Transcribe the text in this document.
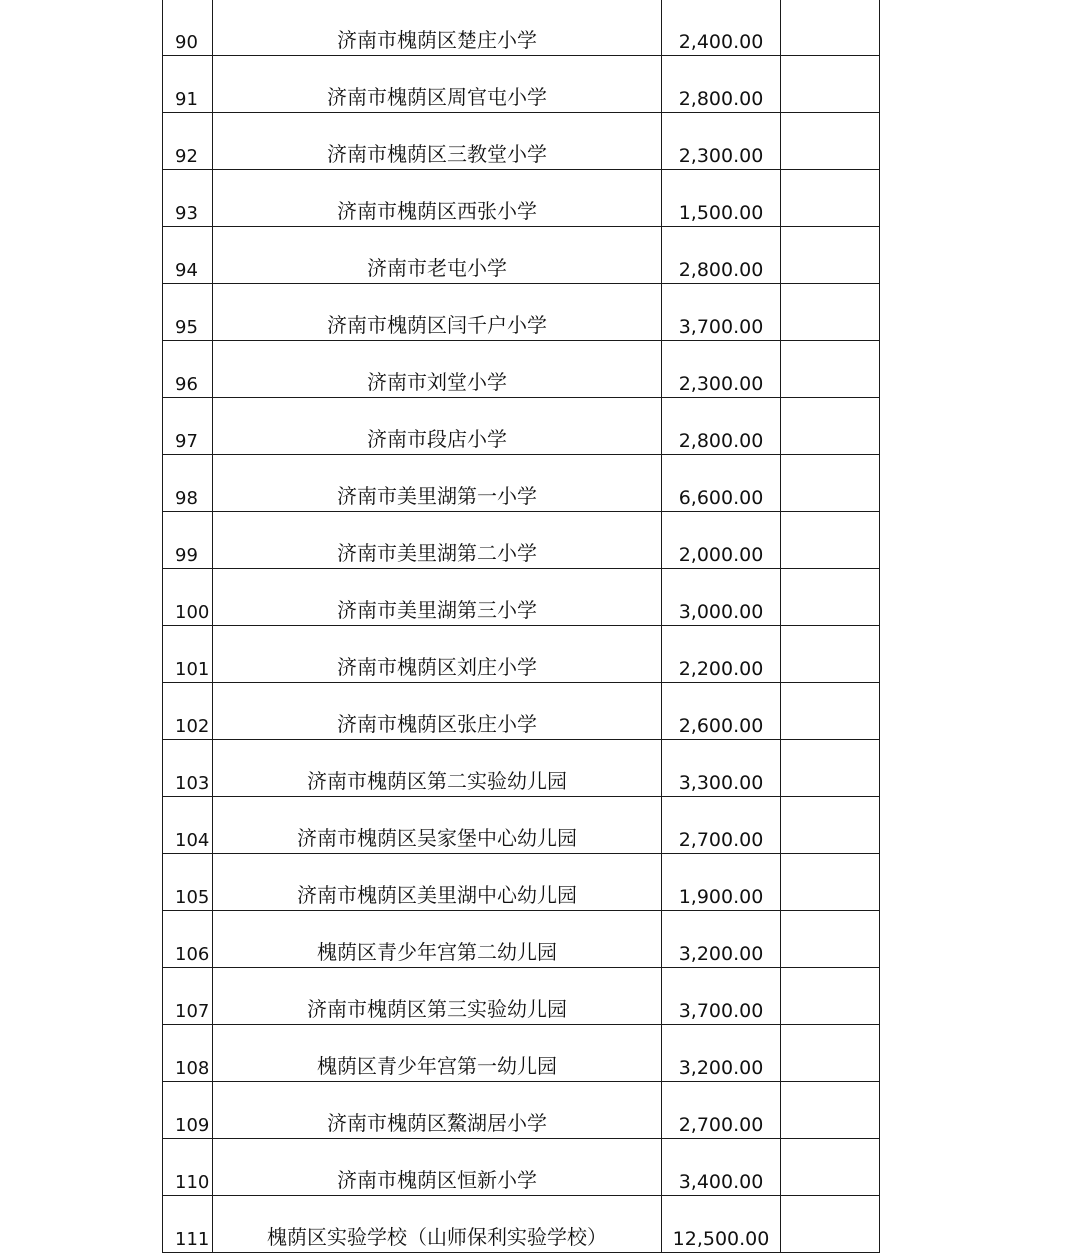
90	济南市槐荫区楚庄小学	2,400.00	
91	济南市槐荫区周官屯小学	2,800.00	
92	济南市槐荫区三教堂小学	2,300.00	
93	济南市槐荫区西张小学	1,500.00	
94	济南市老屯小学	2,800.00	
95	济南市槐荫区闫千户小学	3,700.00	
96	济南市刘堂小学	2,300.00	
97	济南市段店小学	2,800.00	
98	济南市美里湖第一小学	6,600.00	
99	济南市美里湖第二小学	2,000.00	
100	济南市美里湖第三小学	3,000.00	
101	济南市槐荫区刘庄小学	2,200.00	
102	济南市槐荫区张庄小学	2,600.00	
103	济南市槐荫区第二实验幼儿园	3,300.00	
104	济南市槐荫区吴家堡中心幼儿园	2,700.00	
105	济南市槐荫区美里湖中心幼儿园	1,900.00	
106	槐荫区青少年宫第二幼儿园	3,200.00	
107	济南市槐荫区第三实验幼儿园	3,700.00	
108	槐荫区青少年宫第一幼儿园	3,200.00	
109	济南市槐荫区鰲湖居小学	2,700.00	
110	济南市槐荫区恒新小学	3,400.00	
111	槐荫区实验学校（山师保利实验学校）	12,500.00	
